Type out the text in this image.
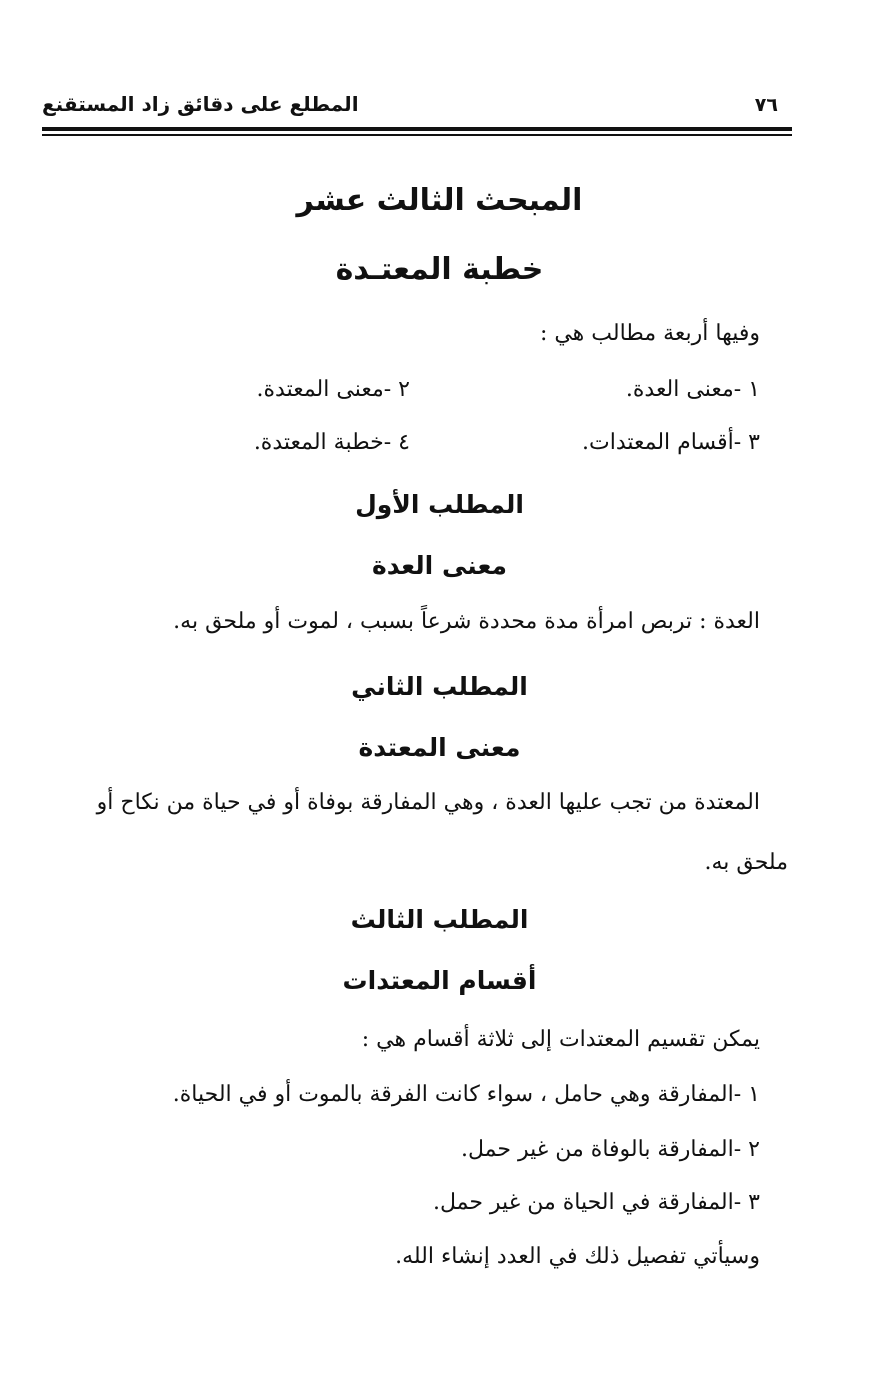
٧٦
المطلع على دقائق زاد المستقنع
المبحث الثالث عشر
خطبة المعتـدة
وفيها أربعة مطالب هي :
١ -معنى العدة.
٢ -معنى المعتدة.
٣ -أقسام المعتدات.
٤ -خطبة المعتدة.
المطلب الأول
معنى العدة
العدة : تربص امرأة مدة محددة شرعاً بسبب ، لموت أو ملحق به.
المطلب الثاني
معنى المعتدة
المعتدة من تجب عليها العدة ، وهي المفارقة بوفاة أو في حياة من نكاح أو
ملحق به.
المطلب الثالث
أقسام المعتدات
يمكن تقسيم المعتدات إلى ثلاثة أقسام هي :
١ -المفارقة وهي حامل ، سواء كانت الفرقة بالموت أو في الحياة.
٢ -المفارقة بالوفاة من غير حمل.
٣ -المفارقة في الحياة من غير حمل.
وسيأتي تفصيل ذلك في العدد إنشاء الله.
